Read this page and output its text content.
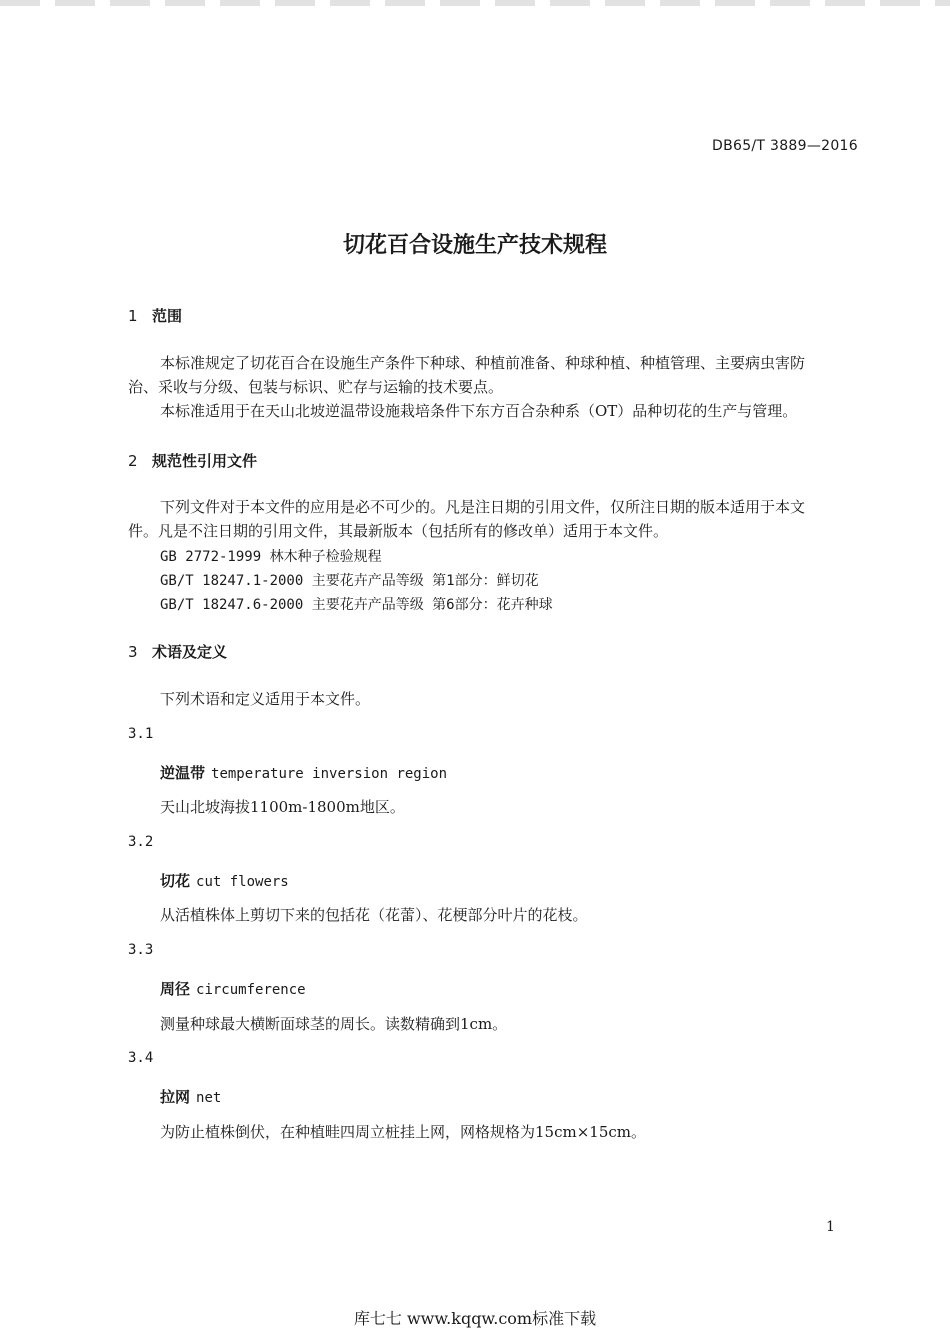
DB65/T 3889—2016
切花百合设施生产技术规程
1 范围
本标准规定了切花百合在设施生产条件下种球、种植前准备、种球种植、种植管理、主要病虫害防
治、采收与分级、包装与标识、贮存与运输的技术要点。
本标准适用于在天山北坡逆温带设施栽培条件下东方百合杂种系（OT）品种切花的生产与管理。
2 规范性引用文件
下列文件对于本文件的应用是必不可少的。凡是注日期的引用文件，仅所注日期的版本适用于本文
件。凡是不注日期的引用文件，其最新版本（包括所有的修改单）适用于本文件。
GB 2772-1999 林木种子检验规程
GB/T 18247.1-2000 主要花卉产品等级 第1部分：鲜切花
GB/T 18247.6-2000 主要花卉产品等级 第6部分：花卉种球
3 术语及定义
下列术语和定义适用于本文件。
3.1
逆温带 temperature inversion region
天山北坡海拔1100m-1800m地区。
3.2
切花 cut flowers
从活植株体上剪切下来的包括花（花蕾）、花梗部分叶片的花枝。
3.3
周径 circumference
测量种球最大横断面球茎的周长。读数精确到1cm。
3.4
拉网 net
为防止植株倒伏，在种植畦四周立桩挂上网，网格规格为15cm×15cm。
1
库七七 www.kqqw.com标准下载
